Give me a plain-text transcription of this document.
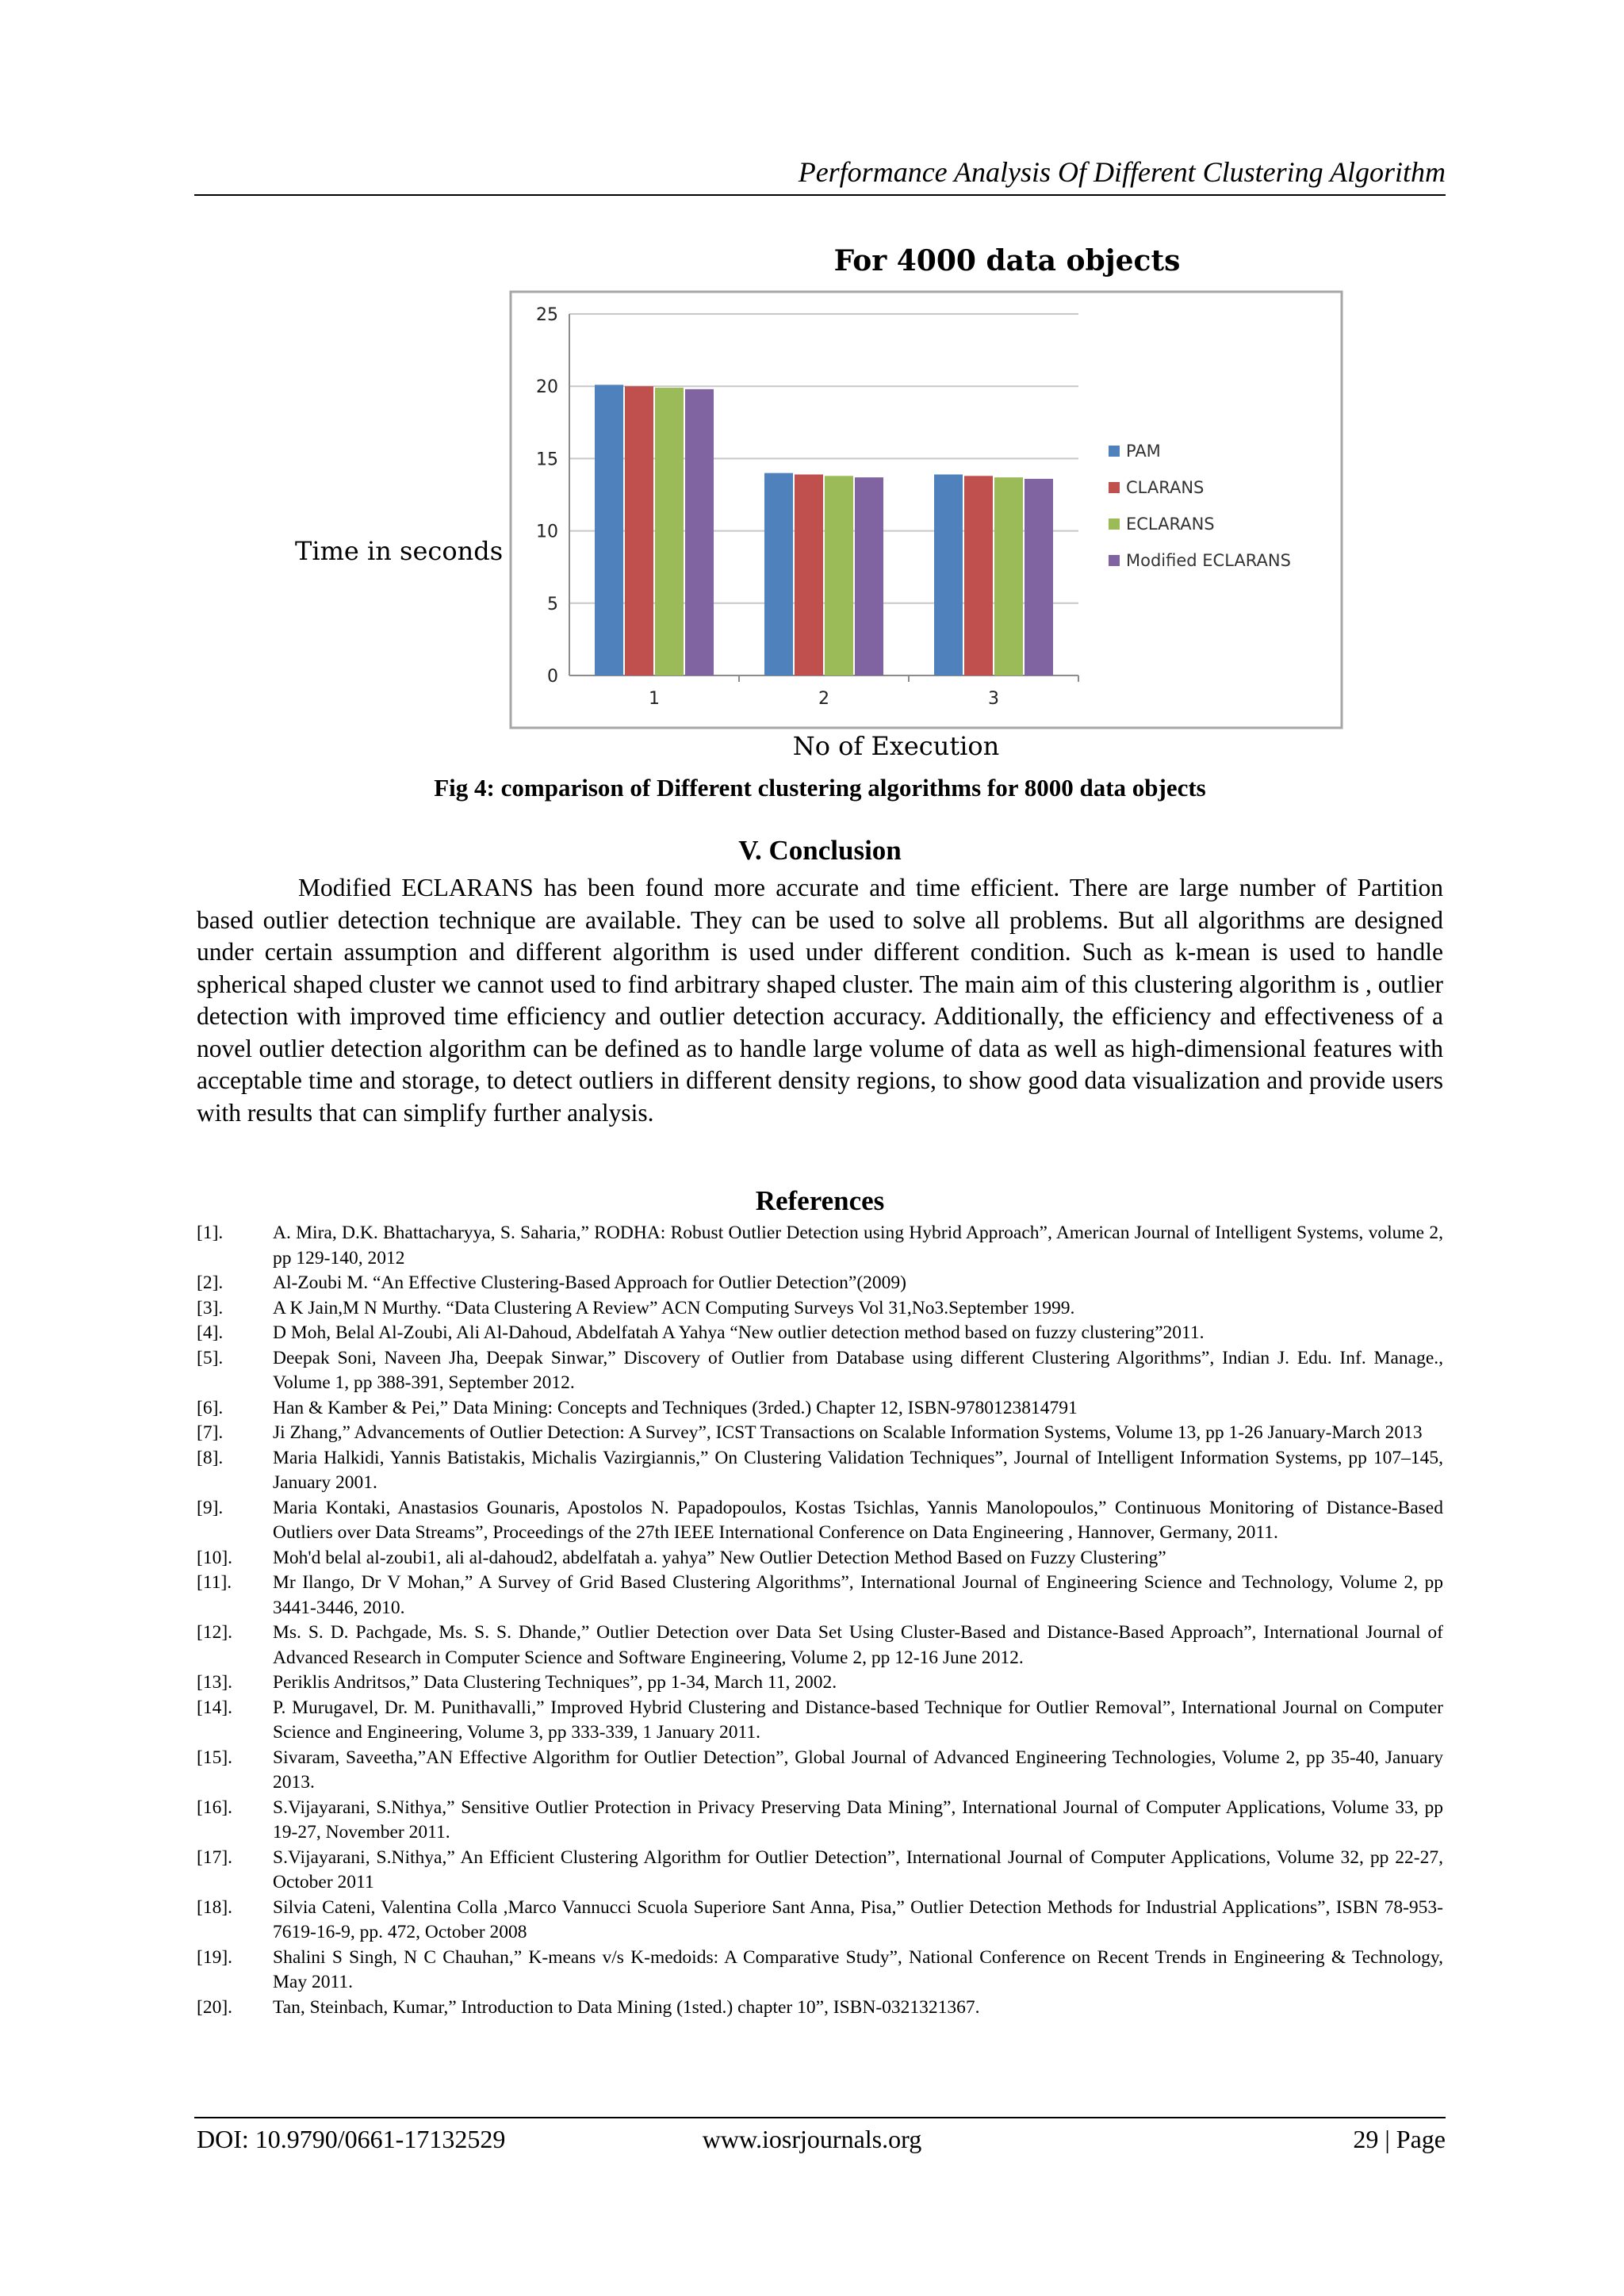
Performance Analysis Of Different Clustering Algorithm
For 4000 data objects
Time in seconds
0
5
10
15
20
25
1	2	3
PAM
CLARANS
ECLARANS
Modified ECLARANS
No of Execution
Fig 4: comparison of Different clustering algorithms for 8000 data objects
V. Conclusion

Modified ECLARANS has been found more accurate and time efficient. There are large number of Partition based outlier detection technique are available. They can be used to solve all problems. But all algorithms are designed under certain assumption and different algorithm is used under different condition. Such as k-mean is used to handle spherical shaped cluster we cannot used to find arbitrary shaped cluster. The main aim of this clustering algorithm is , outlier detection with improved time efficiency and outlier detection accuracy. Additionally, the efficiency and effectiveness of a novel outlier detection algorithm can be defined as to handle large volume of data as well as high-dimensional features with acceptable time and storage, to detect outliers in different density regions, to show good data visualization and provide users with results that can simplify further analysis.

References
[1].	A. Mira, D.K. Bhattacharyya, S. Saharia,” RODHA: Robust Outlier Detection using Hybrid Approach”, American Journal of Intelligent Systems, volume 2, pp 129-140, 2012
[2].	Al-Zoubi M. “An Effective Clustering-Based Approach for Outlier Detection”(2009)
[3].	A K Jain,M N Murthy. “Data Clustering A Review” ACN Computing Surveys Vol 31,No3.September 1999.
[4].	D Moh, Belal Al-Zoubi, Ali Al-Dahoud, Abdelfatah A Yahya “New outlier detection method based on fuzzy clustering”2011.
[5].	Deepak Soni, Naveen Jha, Deepak Sinwar,” Discovery of Outlier from Database using different Clustering Algorithms”, Indian J. Edu. Inf. Manage., Volume 1, pp 388-391, September 2012.
[6].	Han & Kamber & Pei,” Data Mining: Concepts and Techniques (3rded.) Chapter 12, ISBN-9780123814791
[7].	Ji Zhang,” Advancements of Outlier Detection: A Survey”, ICST Transactions on Scalable Information Systems, Volume 13, pp 1-26 January-March 2013
[8].	Maria Halkidi, Yannis Batistakis, Michalis Vazirgiannis,” On Clustering Validation Techniques”, Journal of Intelligent Information Systems, pp 107–145, January 2001.
[9].	Maria Kontaki, Anastasios Gounaris, Apostolos N. Papadopoulos, Kostas Tsichlas, Yannis Manolopoulos,” Continuous Monitoring of Distance-Based Outliers over Data Streams”, Proceedings of the 27th IEEE International Conference on Data Engineering , Hannover, Germany, 2011.
[10].	Moh'd belal al-zoubi1, ali al-dahoud2, abdelfatah a. yahya” New Outlier Detection Method Based on Fuzzy Clustering”
[11].	Mr Ilango, Dr V Mohan,” A Survey of Grid Based Clustering Algorithms”, International Journal of Engineering Science and Technology, Volume 2, pp 3441-3446, 2010.
[12].	Ms. S. D. Pachgade, Ms. S. S. Dhande,” Outlier Detection over Data Set Using Cluster-Based and Distance-Based Approach”, International Journal of Advanced Research in Computer Science and Software Engineering, Volume 2, pp 12-16 June 2012.
[13].	Periklis Andritsos,” Data Clustering Techniques”, pp 1-34, March 11, 2002.
[14].	P. Murugavel, Dr. M. Punithavalli,” Improved Hybrid Clustering and Distance-based Technique for Outlier Removal”, International Journal on Computer Science and Engineering, Volume 3, pp 333-339, 1 January 2011.
[15].	Sivaram, Saveetha,”AN Effective Algorithm for Outlier Detection”, Global Journal of Advanced Engineering Technologies, Volume 2, pp 35-40, January 2013.
[16].	S.Vijayarani, S.Nithya,” Sensitive Outlier Protection in Privacy Preserving Data Mining”, International Journal of Computer Applications, Volume 33, pp 19-27, November 2011.
[17].	S.Vijayarani, S.Nithya,” An Efficient Clustering Algorithm for Outlier Detection”, International Journal of Computer Applications, Volume 32, pp 22-27, October 2011
[18].	Silvia Cateni, Valentina Colla ,Marco Vannucci Scuola Superiore Sant Anna, Pisa,” Outlier Detection Methods for Industrial Applications”, ISBN 78-953-7619-16-9, pp. 472, October 2008
[19].	Shalini S Singh, N C Chauhan,” K-means v/s K-medoids: A Comparative Study”, National Conference on Recent Trends in Engineering & Technology, May 2011.
[20].	Tan, Steinbach, Kumar,” Introduction to Data Mining (1sted.) chapter 10”, ISBN-0321321367.
DOI: 10.9790/0661-17132529	www.iosrjournals.org	29 | Page
